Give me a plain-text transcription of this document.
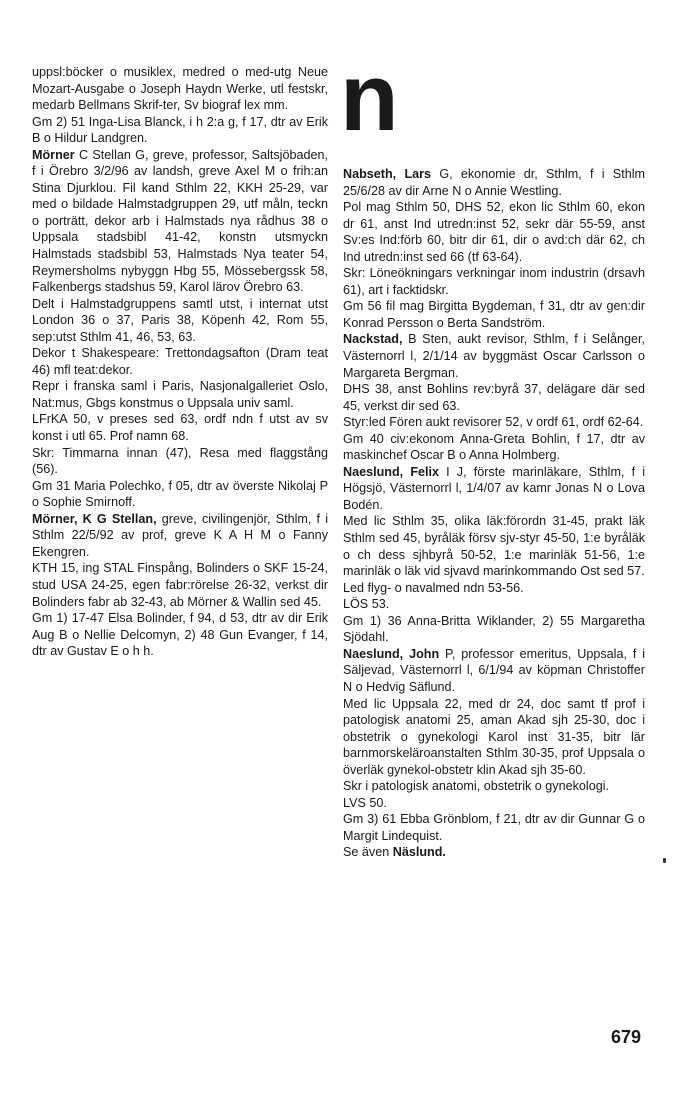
n

uppsl:böcker o musiklex, medred o med-utg Neue Mozart-Ausgabe o Joseph Haydn Werke, utl festskr, medarb Bellmans Skrif-ter, Sv biograf lex mm.

Gm 2) 51 Inga-Lisa Blanck, i h 2:a g, f 17, dtr av Erik B o Hildur Landgren.

Mörner C Stellan G, greve, professor, Saltsjöbaden, f i Örebro 3/2/96 av landsh, greve Axel M o frih:an Stina Djurklou. Fil kand Sthlm 22, KKH 25-29, var med o bildade Halmstadgruppen 29, utf måln, teckn o porträtt, dekor arb i Halmstads nya rådhus 38 o Uppsala stadsbibl 41-42, konstn utsmyckn Halmstads stadsbibl 53, Halmstads Nya teater 54, Reymersholms nybyggn Hbg 55, Mössebergssk 58, Falkenbergs stadshus 59, Karol lärov Örebro 63.

Delt i Halmstadgruppens samtl utst, i internat utst London 36 o 37, Paris 38, Köpenh 42, Rom 55, sep:utst Sthlm 41, 46, 53, 63.

Dekor t Shakespeare: Trettondagsafton (Dram teat 46) mfl teat:dekor.

Repr i franska saml i Paris, Nasjonalgalleriet Oslo, Nat:mus, Gbgs konstmus o Uppsala univ saml.

LFrKA 50, v preses sed 63, ordf ndn f utst av sv konst i utl 65. Prof namn 68.

Skr: Timmarna innan (47), Resa med flaggstång (56).

Gm 31 Maria Polechko, f 05, dtr av överste Nikolaj P o Sophie Smirnoff.

Mörner, K G Stellan, greve, civilingenjör, Sthlm, f i Sthlm 22/5/92 av prof, greve K A H M o Fanny Ekengren.

KTH 15, ing STAL Finspång, Bolinders o SKF 15-24, stud USA 24-25, egen fabr:rörelse 26-32, verkst dir Bolinders fabr ab 32-43, ab Mörner & Wallin sed 45.

Gm 1) 17-47 Elsa Bolinder, f 94, d 53, dtr av dir Erik Aug B o Nellie Delcomyn, 2) 48 Gun Evanger, f 14, dtr av Gustav E o h h.

Nabseth, Lars G, ekonomie dr, Sthlm, f i Sthlm 25/6/28 av dir Arne N o Annie Westling.

Pol mag Sthlm 50, DHS 52, ekon lic Sthlm 60, ekon dr 61, anst Ind utredn:inst 52, sekr där 55-59, anst Sv:es Ind:förb 60, bitr dir 61, dir o avd:ch där 62, ch Ind utredn:inst sed 66 (tf 63-64).

Skr: Löneökningars verkningar inom industrin (drsavh 61), art i facktidskr.

Gm 56 fil mag Birgitta Bygdeman, f 31, dtr av gen:dir Konrad Persson o Berta Sandström.

Nackstad, B Sten, aukt revisor, Sthlm, f i Selånger, Västernorrl l, 2/1/14 av byggmäst Oscar Carlsson o Margareta Bergman.

DHS 38, anst Bohlins rev:byrå 37, delägare där sed 45, verkst dir sed 63.

Styr:led Fören aukt revisorer 52, v ordf 61, ordf 62-64.

Gm 40 civ:ekonom Anna-Greta Bohlin, f 17, dtr av maskinchef Oscar B o Anna Holmberg.

Naeslund, Felix I J, förste marinläkare, Sthlm, f i Högsjö, Västernorrl l, 1/4/07 av kamr Jonas N o Lova Bodén.

Med lic Sthlm 35, olika läk:förordn 31-45, prakt läk Sthlm sed 45, byråläk försv sjv-styr 45-50, 1:e byråläk o ch dess sjhbyrå 50-52, 1:e marinläk 51-56, 1:e marinläk o läk vid sjvavd marinkommando Ost sed 57.

Led flyg- o navalmed ndn 53-56.

LÖS 53.

Gm 1) 36 Anna-Britta Wiklander, 2) 55 Margaretha Sjödahl.

Naeslund, John P, professor emeritus, Uppsala, f i Säljevad, Västernorrl l, 6/1/94 av köpman Christoffer N o Hedvig Säflund.

Med lic Uppsala 22, med dr 24, doc samt tf prof i patologisk anatomi 25, aman Akad sjh 25-30, doc i obstetrik o gynekologi Karol inst 31-35, bitr lär barnmorskeläroanstalten Sthlm 30-35, prof Uppsala o överläk gynekol-obstetr klin Akad sjh 35-60.

Skr i patologisk anatomi, obstetrik o gynekologi.

LVS 50.

Gm 3) 61 Ebba Grönblom, f 21, dtr av dir Gunnar G o Margit Lindequist.

Se även Näslund.

679
